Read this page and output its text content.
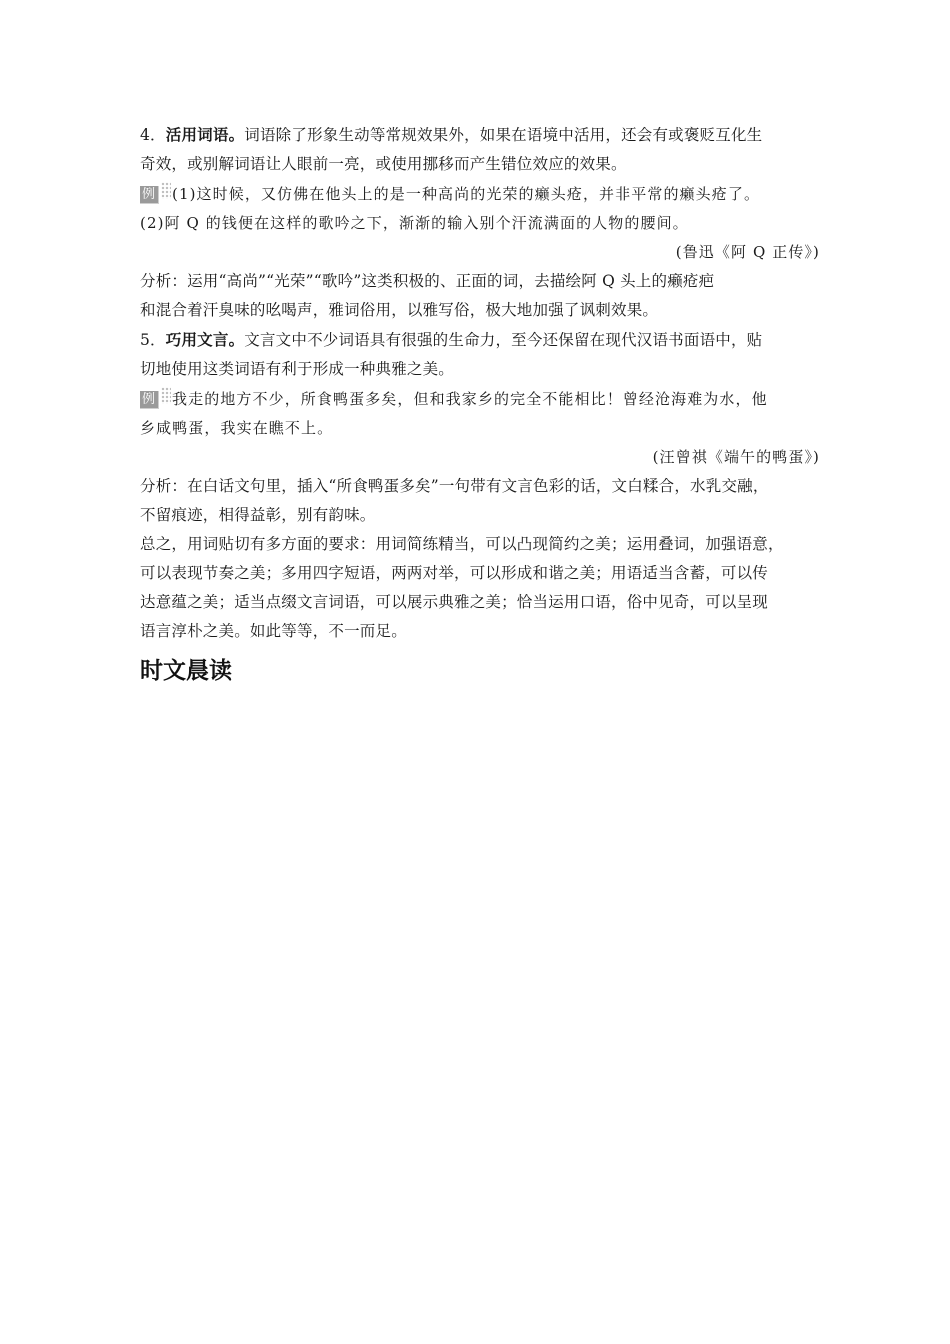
4．活用词语。词语除了形象生动等常规效果外，如果在语境中活用，还会有或褒贬互化生
奇效，或别解词语让人眼前一亮，或使用挪移而产生错位效应的效果。
例 (1)这时候，又仿佛在他头上的是一种高尚的光荣的癞头疮，并非平常的癞头疮了。
(2)阿 Q 的钱便在这样的歌吟之下，渐渐的输入别个汗流满面的人物的腰间。
(鲁迅《阿 Q 正传》)
分析：运用“高尚”“光荣”“歌吟”这类积极的、正面的词，去描绘阿 Q 头上的癞疮疤
和混合着汗臭味的吆喝声，雅词俗用，以雅写俗，极大地加强了讽刺效果。
5．巧用文言。文言文中不少词语具有很强的生命力，至今还保留在现代汉语书面语中，贴
切地使用这类词语有利于形成一种典雅之美。
例 我走的地方不少，所食鸭蛋多矣，但和我家乡的完全不能相比！曾经沧海难为水，他
乡咸鸭蛋，我实在瞧不上。
(汪曾祺《端午的鸭蛋》)
分析：在白话文句里，插入“所食鸭蛋多矣”一句带有文言色彩的话，文白糅合，水乳交融，
不留痕迹，相得益彰，别有韵味。
总之，用词贴切有多方面的要求：用词简练精当，可以凸现简约之美；运用叠词，加强语意，
可以表现节奏之美；多用四字短语，两两对举，可以形成和谐之美；用语适当含蓄，可以传
达意蕴之美；适当点缀文言词语，可以展示典雅之美；恰当运用口语，俗中见奇，可以呈现
语言淳朴之美。如此等等，不一而足。
时文晨读
